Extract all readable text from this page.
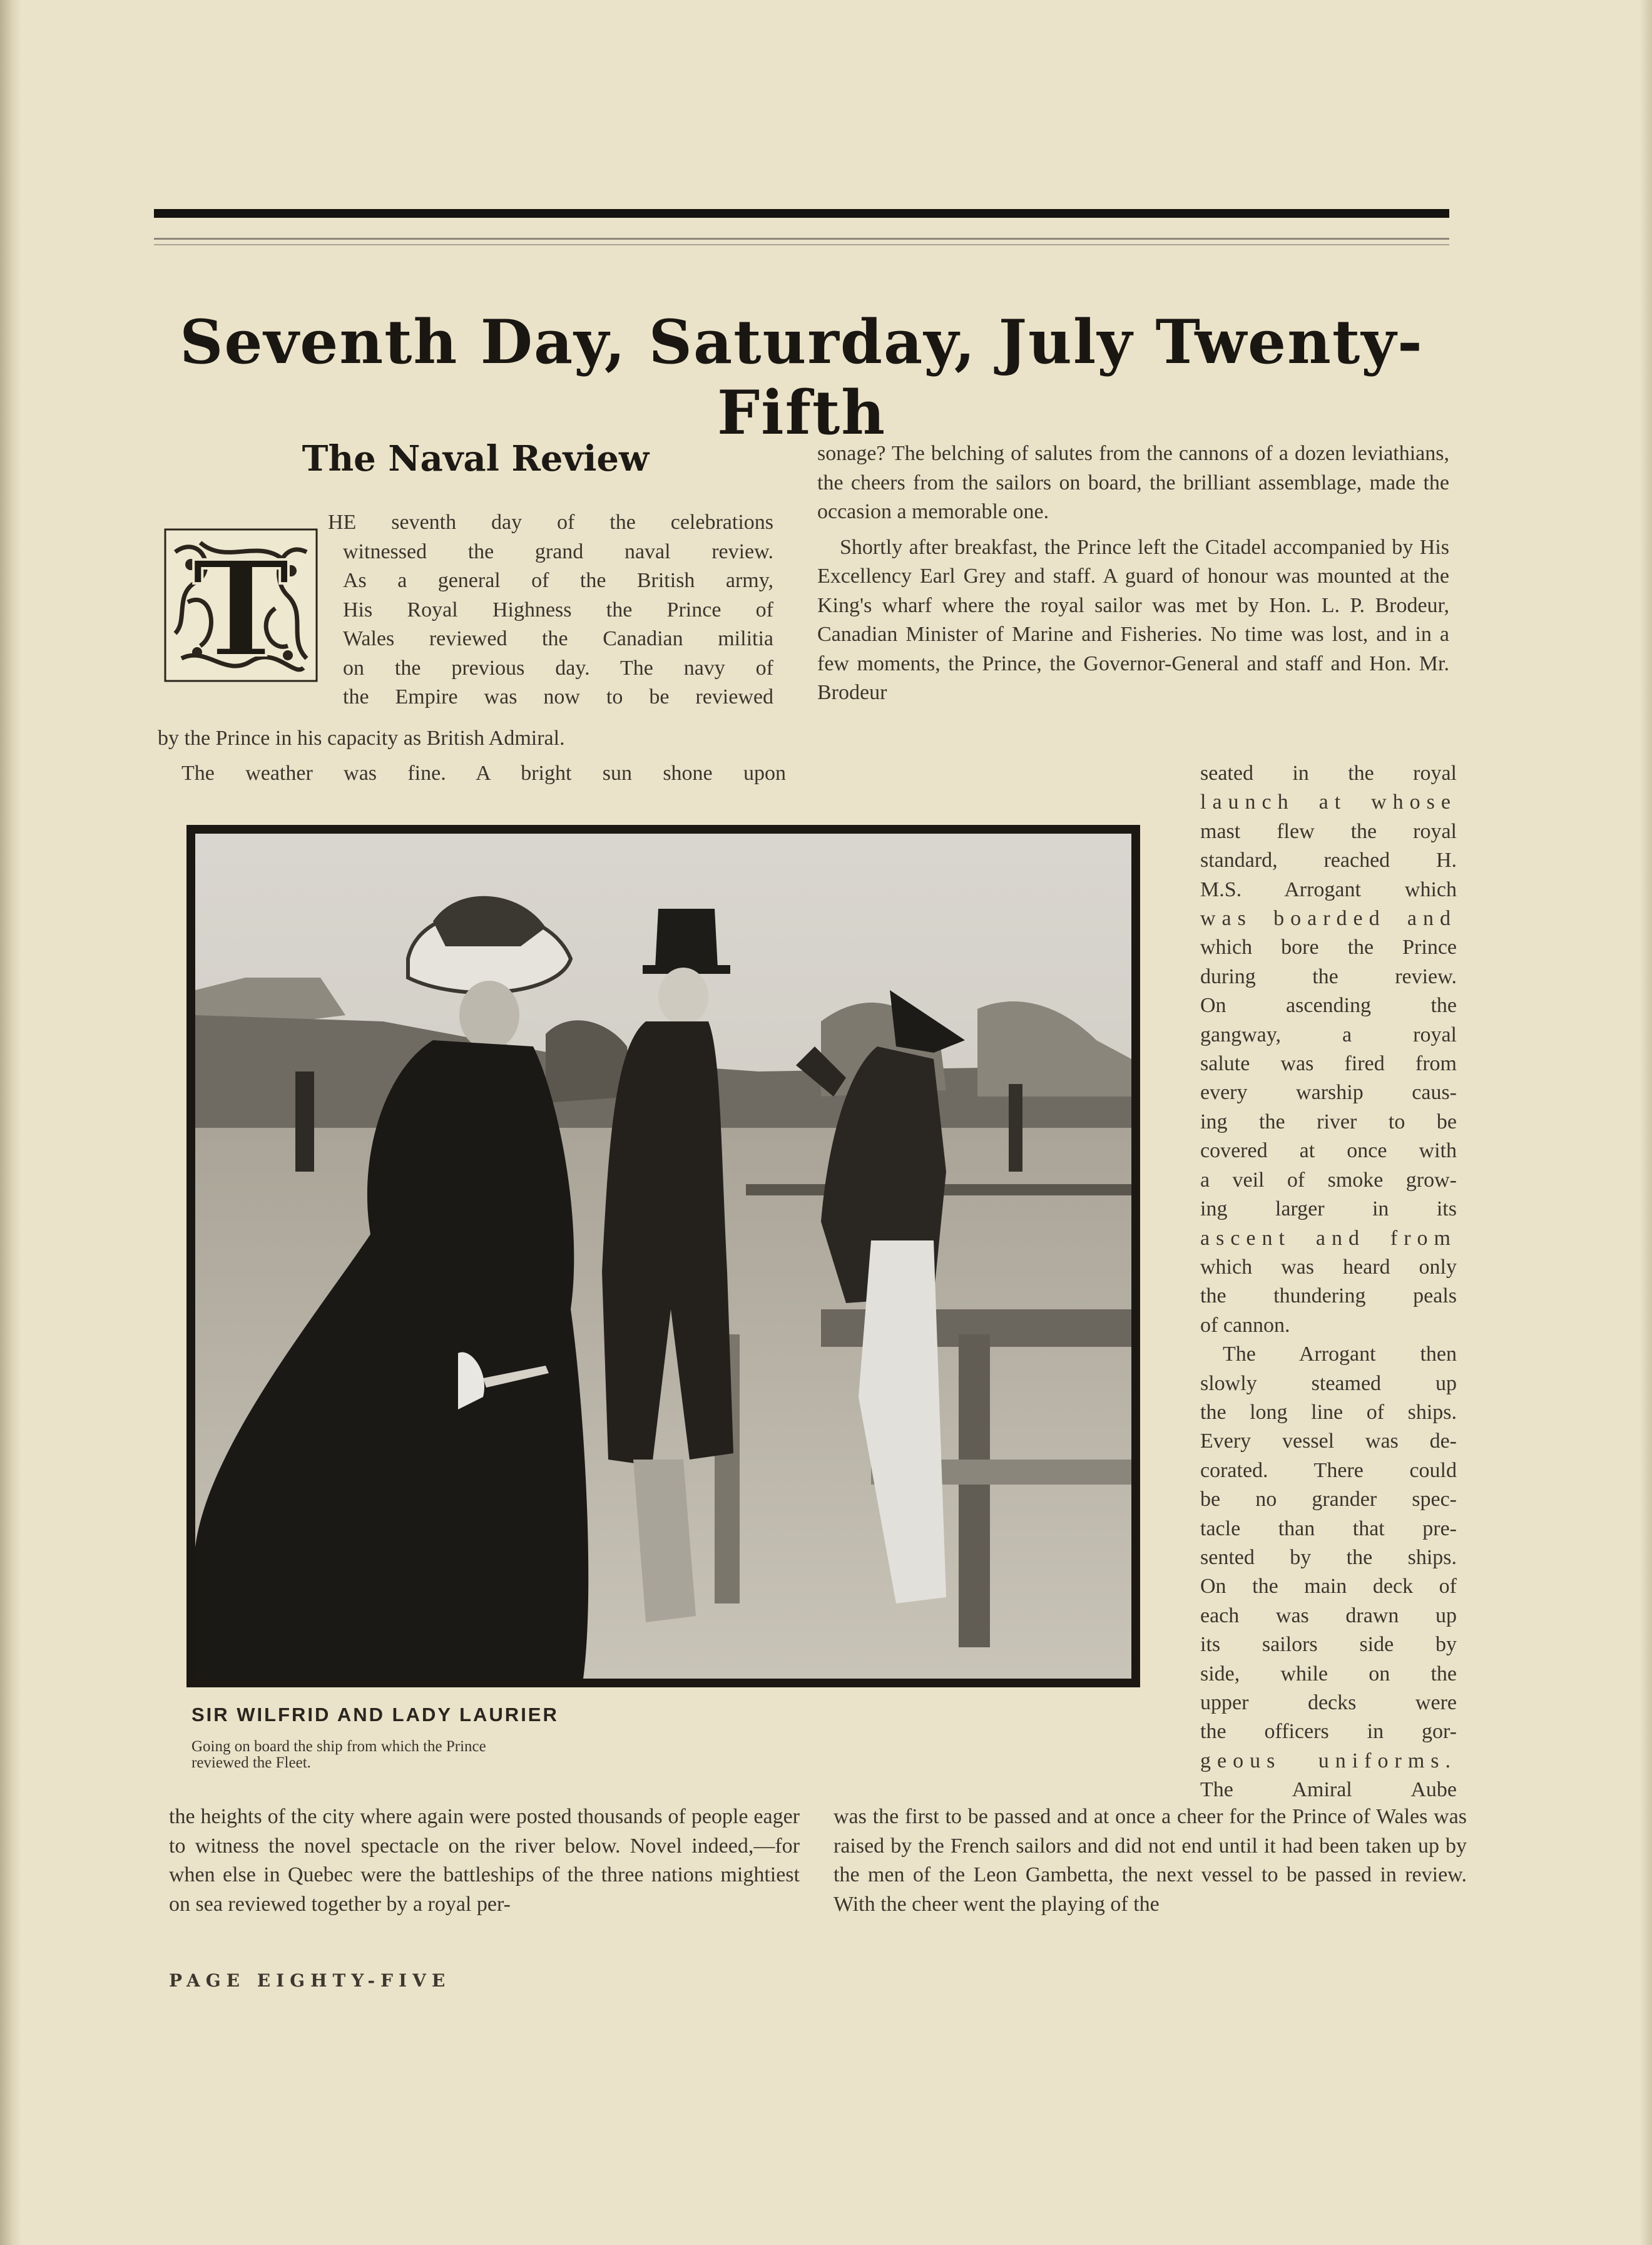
Seventh Day, Saturday, July Twenty-Fifth
The Naval Review
T

HE seventh day of the celebrations

witnessed the grand naval review.

As a general of the British army,

His Royal Highness the Prince of

Wales reviewed the Canadian militia

on the previous day. The navy of

the Empire was now to be reviewed

by the Prince in his capacity as British Admiral.

The weather was fine. A bright sun shone upon

sonage? The belching of salutes from the cannons of a dozen leviathians, the cheers from the sailors on board, the brilliant assemblage, made the occasion a memorable one.

Shortly after breakfast, the Prince left the Citadel accompanied by His Excellency Earl Grey and staff. A guard of honour was mounted at the King's wharf where the royal sailor was met by Hon. L. P. Brodeur, Canadian Minister of Marine and Fisheries. No time was lost, and in a few moments, the Prince, the Governor-General and staff and Hon. Mr. Brodeur

seated in the royal

launch at whose

mast flew the royal

standard, reached H.

M.S. Arrogant which

was boarded and

which bore the Prince

during the review.

On ascending the

gangway, a royal

salute was fired from

every warship caus-

ing the river to be

covered at once with

a veil of smoke grow-

ing larger in its

ascent and from

which was heard only

the thundering peals

of cannon.

The Arrogant then

slowly steamed up

the long line of ships.

Every vessel was de-

corated. There could

be no grander spec-

tacle than that pre-

sented by the ships.

On the main deck of

each was drawn up

its sailors side by

side, while on the

upper decks were

the officers in gor-

geous uniforms.

The Amiral Aube

SIR WILFRID AND LADY LAURIER

Going on board the ship from which the Prince
reviewed the Fleet.

the heights of the city where again were posted thousands of people eager to witness the novel spectacle on the river below. Novel indeed,—for when else in Quebec were the battleships of the three nations mightiest on sea reviewed together by a royal per-

was the first to be passed and at once a cheer for the Prince of Wales was raised by the French sailors and did not end until it had been taken up by the men of the Leon Gambetta, the next vessel to be passed in review. With the cheer went the playing of the

PAGE EIGHTY-FIVE
